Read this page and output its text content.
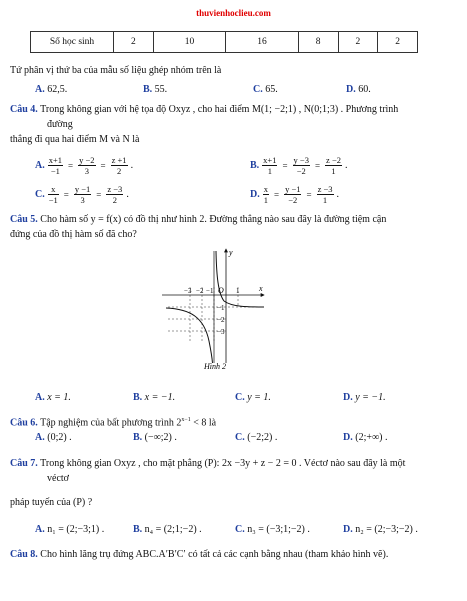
thuvienhoclieu.com
Số học sinh	2	10	16	8	2	2
Tứ phân vị thứ ba của mẫu số liệu ghép nhóm trên là
A. 62,5.	B. 55.	C. 65.	D. 60.
Câu 4. Trong không gian với hệ tọa độ Oxyz , cho hai điểm M(1; −2;1) , N(0;1;3) . Phương trình
đường
thẳng đi qua hai điểm M và N là
A. $\frac{x+1}{-1} = \frac{y -2}{3} = \frac{z +1}{2}$ .	B. $\frac{x+1}{1} = \frac{y -3}{-2} = \frac{z -2}{1}$ .
C. $\frac{x}{-1} = \frac{y -1}{3} = \frac{z -3}{2}$ .	D. $\frac{x}{1} = \frac{y -1}{-2} = \frac{z -3}{1}$ .
Câu 5. Cho hàm số y = f(x) có đồ thị như hình 2. Đường thẳng nào sau đây là đường tiệm cận
đứng của đồ thị hàm số đã cho?
y
x
O
−3 −2 −1	1
−1
−2
−3
Hình 2
A. x = 1.	B. x = −1.	C. y = 1.	D. y = −1.
Câu 6. Tập nghiệm của bất phương trình $2^{x-1} < 8$ là
A. (0;2) .	B. (−∞;2) .	C. (−2;2) .	D. (2;+∞) .
Câu 7. Trong không gian Oxyz , cho mặt phẳng (P): 2x −3y + z − 2 = 0 . Véctơ nào sau đây là một
véctơ
pháp tuyến của (P) ?
A. n₁ = (2;−3;1) .	B. n₄ = (2;1;−2) .	C. n₃ = (−3;1;−2) .	D. n₂ = (2;−3;−2) .
Câu 8. Cho hình lăng trụ đứng ABC.A′B′C′ có tất cả các cạnh bằng nhau (tham khảo hình vẽ).
